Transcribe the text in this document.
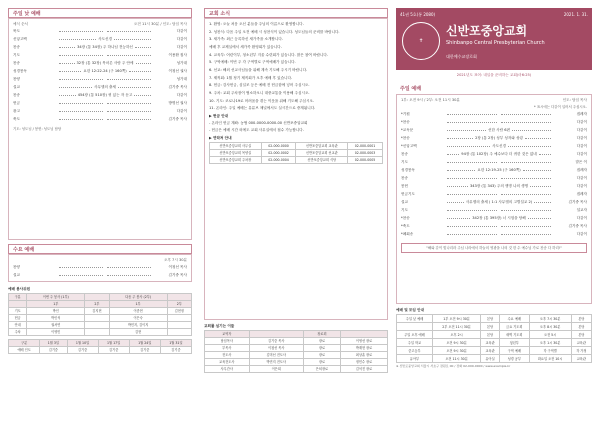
주일 낮 예배
예식 순서	오전 11시 30분 / 인도: 담임 목사
묵도	다같이
신앙고백	사도신경	다같이
찬송	34장 (통 34장) 주 하나님 전능하신	다같이
기도	이용환 집사
찬송	32장 (통 32장) 목마른 사람 주 안에	성가대
성경봉독	요한 12:22-24 (구 160쪽)	이청선 권사
찬양	성가대
설교	사무엘의 출세	김기중 목사
찬송	454장 (통 510장) 귀 있는 자 듣고	다같이
헌금	방명선 권사
광고	다같이
축도	김기중 목사
기도: 성도님 / 봉헌: 성도님 담당
수요 예배
오후 7시 30분
찬양	이청선 목사
설교	김기중 목사
예배 봉사위원
구분	이번 주 봉사 (1부)		다음 주 봉사 (2부)	
	1부	2부	1부	2부
기도	박인	김지현	이종현	김현정
헌금	박인석		이은숙	
안내	권서연		박민지, 김이지	
주차	이영민		김현	
구분	1월 3일	1월 10일	1월 17일	1월 24일	1월 31일
예배 인도	김기중	김기중	김기중	김기중	김기중
교회 소식
1. 환영: 오늘 처음 오신 분들을 주님의 이름으로 환영합니다.
2. 성찬식: 다음 주일 오전 예배 시 성찬식이 있습니다. 성도님들의 준비를 바랍니다.
3. 새가족: 최근 등록하신 새가족을 소개합니다.
예배 후 교제실에서 새가족 환영회가 있습니다.
4. 교육부: 어린이부, 청소년부 겨울 수련회가 있습니다. 많은 참여 바랍니다.
5. 구역예배: 이번 주 각 구역별로 구역예배가 있습니다.
6. 선교: 해외 선교사님들을 위해 계속 기도해 주시기 바랍니다.
7. 제직회: 1월 정기 제직회가 오후 예배 후 있습니다.
8. 헌금: 감사헌금, 십일조 등은 예배 전 헌금함에 넣어 주십시오.
9. 주차: 교회 주차장이 협소하오니 대중교통을 이용해 주십시오.
10. 기도: 코로나19로 어려움을 겪는 이웃을 위해 기도해 주십시오.
11. 온라인: 주일 예배는 유튜브 채널에서도 실시간으로 중계됩니다.
▶ 헌금 안내
- 온라인 헌금 계좌: 농협 000-0000-0000-00 신반포중앙교회
- 헌금은 예배 시간 외에도 교회 사무실에서 접수 가능합니다.
▶ 연락처 안내
신반포중앙교회 사무실	02-000-0000	신반포중앙교회 교육관	02-000-0001
신반포중앙교회 목양실	02-000-0002	신반포중앙교회 선교관	02-000-0003
신반포중앙교회 주차장	02-000-0004	신반포중앙교회 식당	02-000-0005
교회를 섬기는 이들
교역자		장로회	
담임목사	김기중 목사	장로	이영선 장로
부목사	이청선 목사	장로	박재현 장로
전도사	김미선 전도사	장로	최상훈 장로
교육전도사	박민지 전도사	장로	정민수 장로
사무간사	이은희	은퇴장로	김석진 장로
41권 5호(통 2080)	2021. 1. 31.
✝
신반포중앙교회
Shinbanpo Central Presbyterian Church
대한예수교장로회
2021년도 표어: 내일을 준비하는 교회(마6:25)
주일 예배
1부: 오전 9시 / 2부: 오전 11시 30분	인도: 담임 목사
* 표시에는 다같이 일어서 주십시오.
*기원	집례자
*찬송	다같이
*교독문	선한 사람 6편	다같이
*찬송	2장 (통 2장) 성부 성자와 성령	다같이
*신앙고백	사도신경	다같이
찬송	94장 (통 102장) 주 예수보다 더 귀한 것은 없네	다같이
기도	맡은 이
성경봉독	요한 12:19-25 (구 160쪽)	집례자
찬송	다같이
봉헌	343장 (통 343) 주의 생명 나의 생명	다같이
헌금기도	집례자
설교	사무엘의 출세 ( 1:1 사무엘의 고별설교 2)	김기중 목사
기도	설교자
*찬송	342장 (통 395장) 너 시험을 당해	다같이
*축도	김기중 목사
*폐회송	다같이
"해와 같이 빛나리라 주님 나라에서 하늘의 영광을 나의 것 한 수 예수님 가로 찬송 다 하리!"
예배 및 모임 안내
주일 낮 예배	1부 오전 9시 30분	본당	수요 예배	오후 7시 30분	본당
	2부 오전 11시 30분	본당	금요 기도회	오후 8시 30분	본당
주일 오후 예배	오후 2시	본당	새벽 기도회	오전 5시	본당
주일 학교	오전 9시 30분	교육관	청년부	오후 1시 30분	교육관
중고등부	오전 9시 30분	교육관	구역 예배	각 구역별	각 가정
유아부	오전 11시 30분	유아실	성경 공부	화요일 오전 10시	교육관
※ 신반포중앙교회 서울시 서초구 잠원로 00 / 전화 02-000-0000 / www.example.kr
